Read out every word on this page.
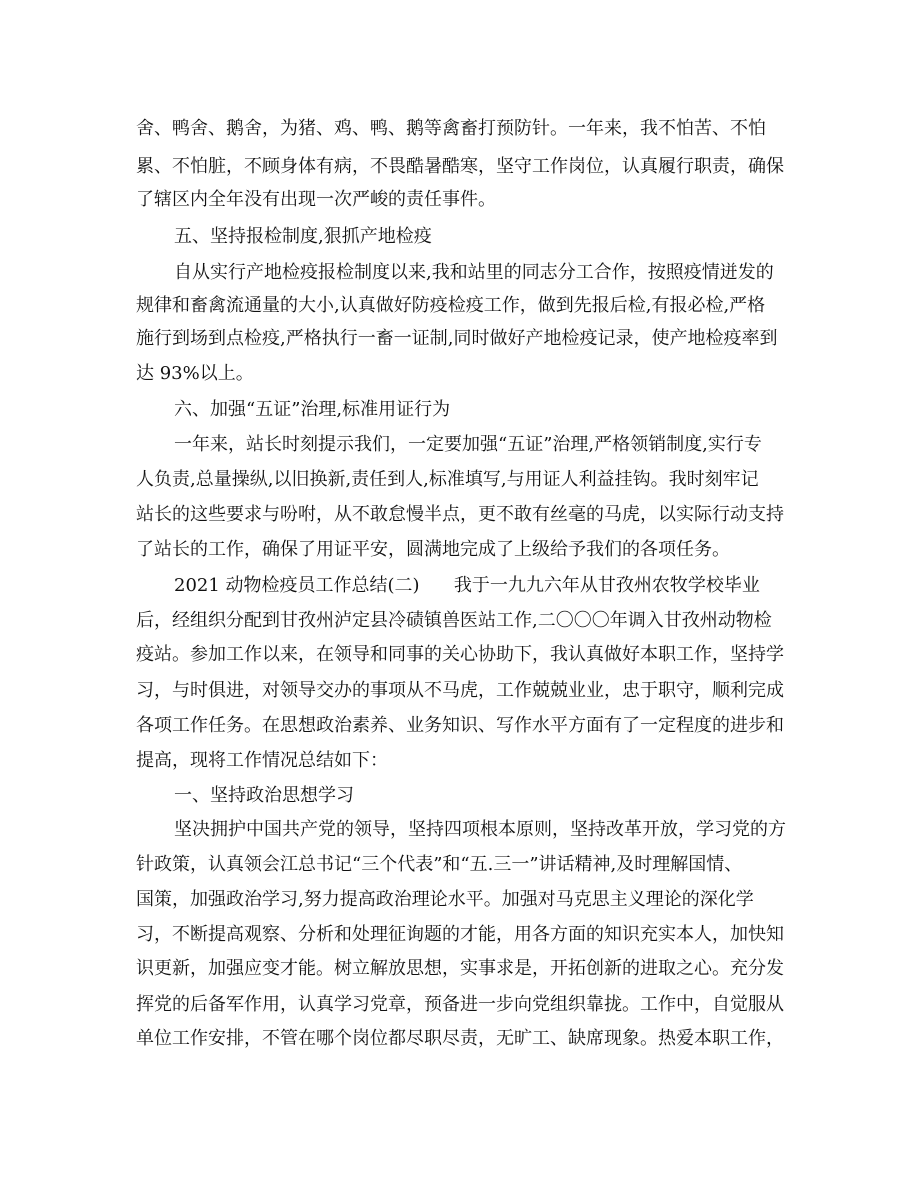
舍、鸭舍、鹅舍，为猪、鸡、鸭、鹅等禽畜打预防针。一年来，我不怕苦、不怕
累、不怕脏，不顾身体有病，不畏酷暑酷寒，坚守工作岗位，认真履行职责，确保
了辖区内全年没有出现一次严峻的责任事件。
五、坚持报检制度,狠抓产地检疫
自从实行产地检疫报检制度以来,我和站里的同志分工合作，按照疫情迸发的
规律和畜禽流通量的大小,认真做好防疫检疫工作，做到先报后检,有报必检,严格
施行到场到点检疫,严格执行一畜一证制,同时做好产地检疫记录，使产地检疫率到
达 93%以上。
六、加强“五证”治理,标准用证行为
一年来，站长时刻提示我们，一定要加强“五证”治理,严格领销制度,实行专
人负责,总量操纵,以旧换新,责任到人,标准填写,与用证人利益挂钩。我时刻牢记
站长的这些要求与吩咐，从不敢怠慢半点，更不敢有丝毫的马虎，以实际行动支持
了站长的工作，确保了用证平安，圆满地完成了上级给予我们的各项任务。
2021 动物检疫员工作总结(二)      我于一九九六年从甘孜州农牧学校毕业
后，经组织分配到甘孜州泸定县冷碛镇兽医站工作,二〇〇〇年调入甘孜州动物检
疫站。参加工作以来，在领导和同事的关心协助下，我认真做好本职工作，坚持学
习，与时俱进，对领导交办的事项从不马虎，工作兢兢业业，忠于职守，顺利完成
各项工作任务。在思想政治素养、业务知识、写作水平方面有了一定程度的进步和
提高，现将工作情况总结如下：
一、坚持政治思想学习
坚决拥护中国共产党的领导，坚持四项根本原则，坚持改革开放，学习党的方
针政策，认真领会江总书记“三个代表”和“五.三一”讲话精神,及时理解国情、
国策，加强政治学习,努力提高政治理论水平。加强对马克思主义理论的深化学
习，不断提高观察、分析和处理征询题的才能，用各方面的知识充实本人，加快知
识更新，加强应变才能。树立解放思想，实事求是，开拓创新的进取之心。充分发
挥党的后备军作用，认真学习党章，预备进一步向党组织靠拢。工作中，自觉服从
单位工作安排，不管在哪个岗位都尽职尽责，无旷工、缺席现象。热爱本职工作，
